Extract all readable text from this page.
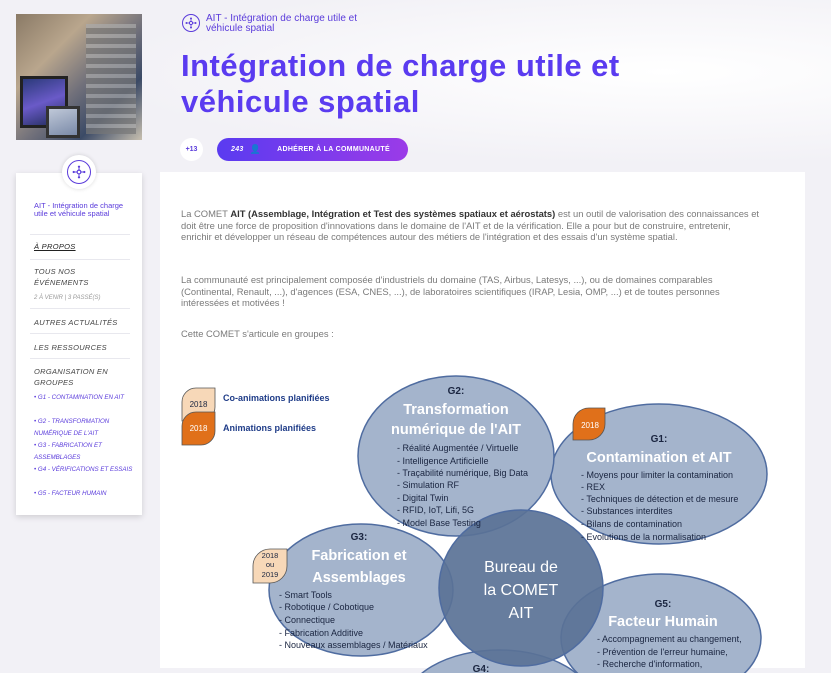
AIT - Intégration de charge utile et véhicule spatial
Intégration de charge utile et véhicule spatial
+13	243 👤 ADHÉRER À LA COMMUNAUTÉ

La COMET AIT (Assemblage, Intégration et Test des systèmes spatiaux et aérostats) est un outil de valorisation des connaissances et doit être une force de proposition d'innovations dans le domaine de l'AIT et de la vérification. Elle a pour but de construire, entretenir, enrichir et développer un réseau de compétences autour des métiers de l'intégration et des essais d'un système spatial.

La communauté est principalement composée d'industriels du domaine (TAS, Airbus, Latesys, ...), ou de domaines comparables (Continental, Renault, ...), d'agences (ESA, CNES, ...), de laboratoires scientifiques (IRAP, Lesia, OMP, ...) et de toutes personnes intéressées et motivées !

Cette COMET s'articule en groupes :

2018
Co-animations planifiées
2018 Animations planifiées
G2:
Transformation
numérique de l'AIT
- Réalité Augmentée / Virtuelle
- Intelligence Artificielle
- Traçabilité numérique, Big Data
- Simulation RF
- Digital Twin
- RFID, IoT, Lifi, 5G
- Model Base Testing
2018
G1:
Contamination et AIT
- Moyens pour limiter la contamination
- REX
- Techniques de détection et de mesure
- Substances interdites
- Bilans de contamination
- Evolutions de la normalisation
2018
ou
2019
G3:
Fabrication et
Assemblages
- Smart Tools
- Robotique / Cobotique
- Connectique
- Fabrication Additive
- Nouveaux assemblages / Matériaux
Bureau de
la COMET
AIT
G5:
Facteur Humain
- Accompagnement au changement,
- Prévention de l'erreur humaine,
- Recherche d'information,
G4:
AIT - Intégration de charge utile et véhicule spatial
À PROPOS
TOUS NOS ÉVÉNEMENTS
2 À VENIR | 3 PASSÉ(S)
AUTRES ACTUALITÉS
LES RESSOURCES
ORGANISATION EN GROUPES
• G1 - CONTAMINATION EN AIT
• G2 - TRANSFORMATION NUMÉRIQUE DE L'AIT
• G3 - FABRICATION ET ASSEMBLAGES
• G4 - VÉRIFICATIONS ET ESSAIS
• G5 - FACTEUR HUMAIN
